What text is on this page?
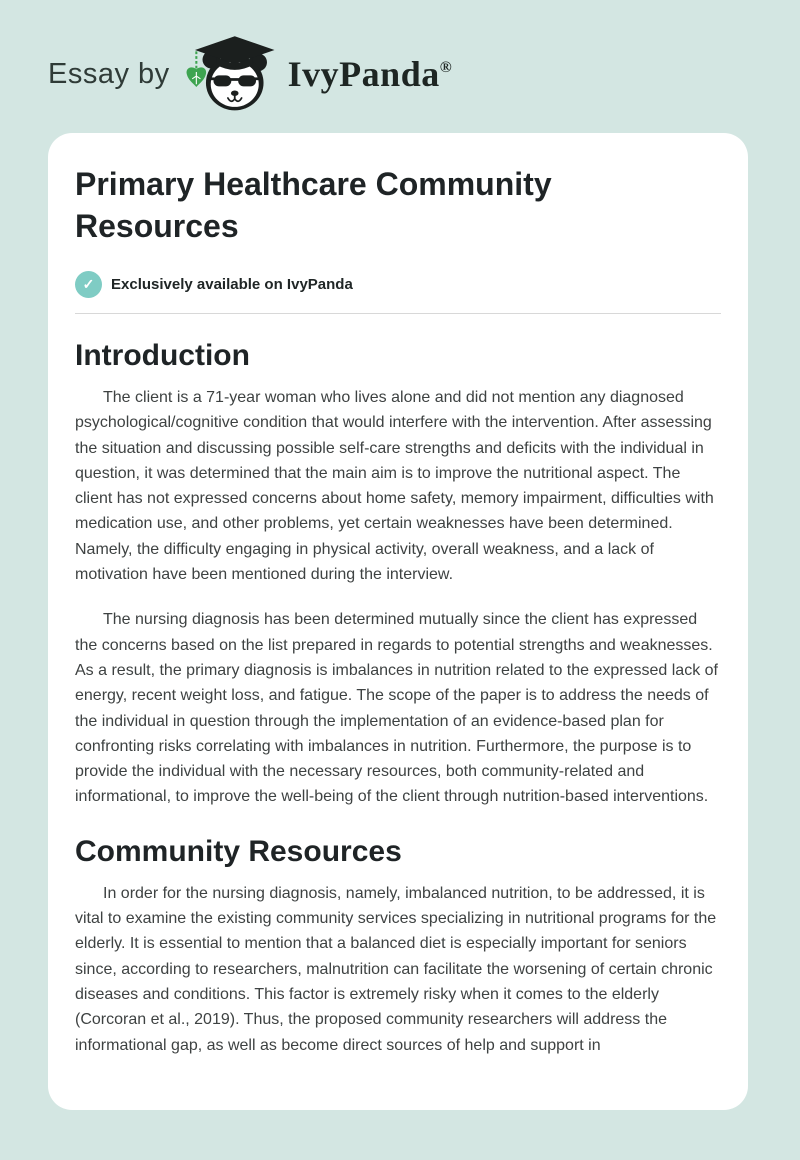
Essay by	IvyPanda®
Primary Healthcare Community Resources
✓	Exclusively available on IvyPanda
Introduction

The client is a 71-year woman who lives alone and did not mention any diagnosed psychological/cognitive condition that would interfere with the intervention. After assessing the situation and discussing possible self-care strengths and deficits with the individual in question, it was determined that the main aim is to improve the nutritional aspect. The client has not expressed concerns about home safety, memory impairment, difficulties with medication use, and other problems, yet certain weaknesses have been determined. Namely, the difficulty engaging in physical activity, overall weakness, and a lack of motivation have been mentioned during the interview.

The nursing diagnosis has been determined mutually since the client has expressed the concerns based on the list prepared in regards to potential strengths and weaknesses. As a result, the primary diagnosis is imbalances in nutrition related to the expressed lack of energy, recent weight loss, and fatigue. The scope of the paper is to address the needs of the individual in question through the implementation of an evidence-based plan for confronting risks correlating with imbalances in nutrition. Furthermore, the purpose is to provide the individual with the necessary resources, both community-related and informational, to improve the well-being of the client through nutrition-based interventions.

Community Resources

In order for the nursing diagnosis, namely, imbalanced nutrition, to be addressed, it is vital to examine the existing community services specializing in nutritional programs for the elderly. It is essential to mention that a balanced diet is especially important for seniors since, according to researchers, malnutrition can facilitate the worsening of certain chronic diseases and conditions. This factor is extremely risky when it comes to the elderly (Corcoran et al., 2019). Thus, the proposed community researchers will address the informational gap, as well as become direct sources of help and support in
